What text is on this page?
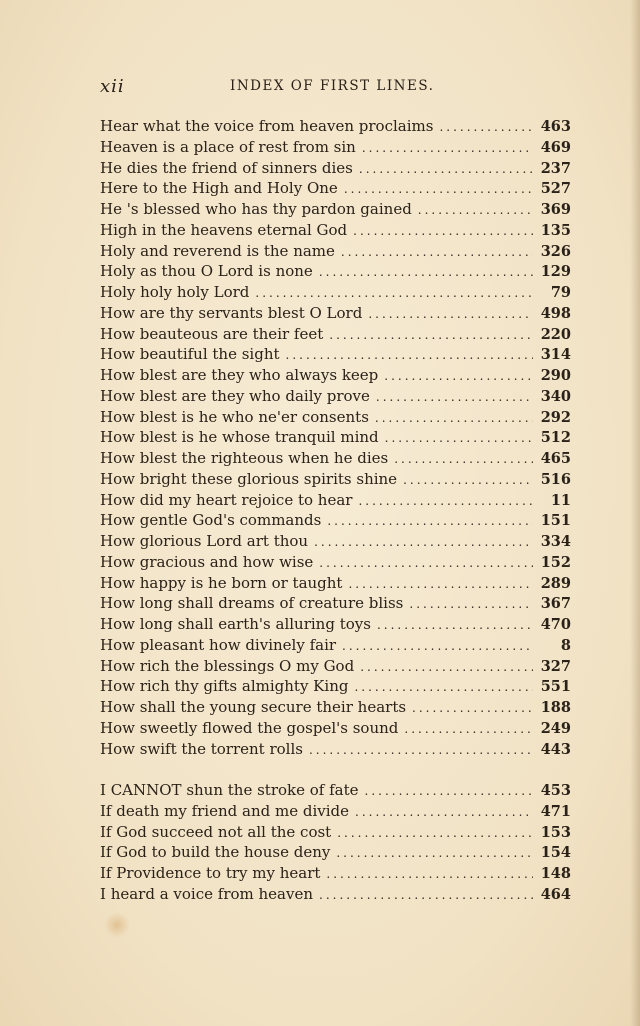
xii	INDEX OF FIRST LINES.
Hear what the voice from heaven proclaims .....	463
Heaven is a place of rest from sin .....	469
He dies the friend of sinners dies .....	237
Here to the High and Holy One .....	527
He 's blessed who has thy pardon gained .....	369
High in the heavens eternal God .....	135
Holy and reverend is the name .....	326
Holy as thou O Lord is none .....	129
Holy holy holy Lord .....	79
How are thy servants blest O Lord .....	498
How beauteous are their feet .....	220
How beautiful the sight .....	314
How blest are they who always keep .....	290
How blest are they who daily prove .....	340
How blest is he who ne'er consents .....	292
How blest is he whose tranquil mind .....	512
How blest the righteous when he dies .....	465
How bright these glorious spirits shine .....	516
How did my heart rejoice to hear .....	11
How gentle God's commands .....	151
How glorious Lord art thou .....	334
How gracious and how wise .....	152
How happy is he born or taught .....	289
How long shall dreams of creature bliss .....	367
How long shall earth's alluring toys .....	470
How pleasant how divinely fair .....	8
How rich the blessings O my God .....	327
How rich thy gifts almighty King .....	551
How shall the young secure their hearts .....	188
How sweetly flowed the gospel's sound .....	249
How swift the torrent rolls .....	443
I CANNOT shun the stroke of fate .....	453
If death my friend and me divide .....	471
If God succeed not all the cost .....	153
If God to build the house deny .....	154
If Providence to try my heart .....	148
I heard a voice from heaven .....	464
